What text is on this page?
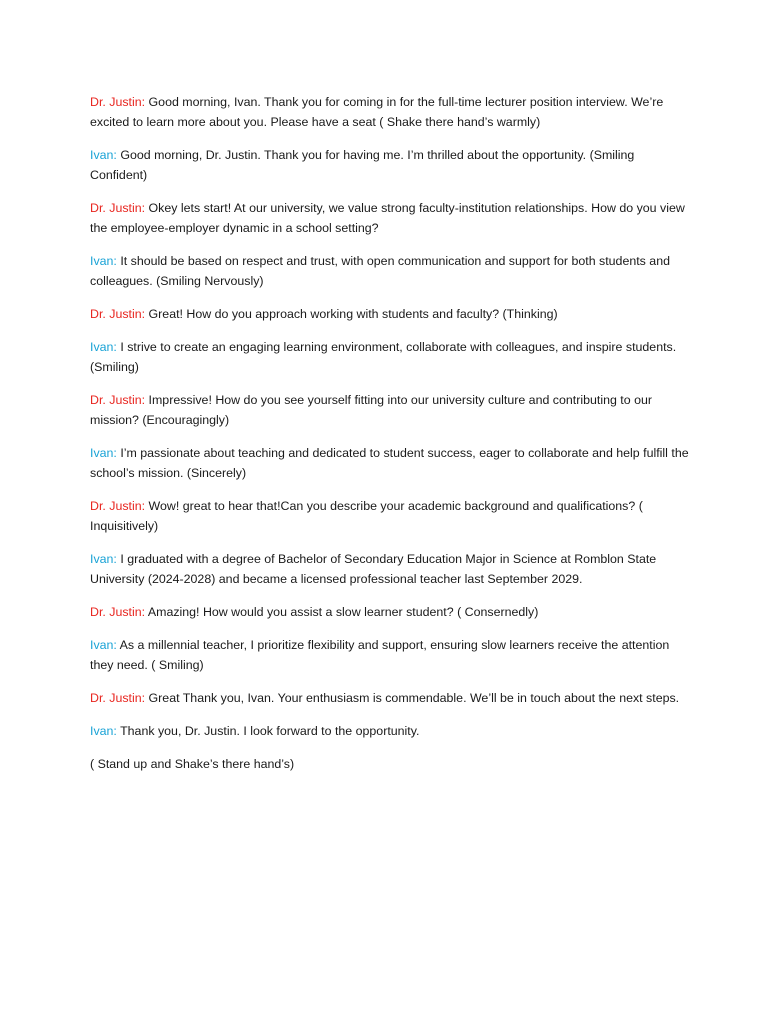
Dr. Justin: Good morning, Ivan. Thank you for coming in for the full-time lecturer position interview. We’re excited to learn more about you. Please have a seat ( Shake there hand’s warmly)

Ivan: Good morning, Dr. Justin. Thank you for having me. I’m thrilled about the opportunity. (Smiling Confident)

Dr. Justin: Okey lets start! At our university, we value strong faculty-institution relationships. How do you view the employee-employer dynamic in a school setting?

Ivan: It should be based on respect and trust, with open communication and support for both students and colleagues. (Smiling Nervously)

Dr. Justin: Great! How do you approach working with students and faculty? (Thinking)

Ivan: I strive to create an engaging learning environment, collaborate with colleagues, and inspire students. (Smiling)

Dr. Justin: Impressive! How do you see yourself fitting into our university culture and contributing to our mission? (Encouragingly)

Ivan: I’m passionate about teaching and dedicated to student success, eager to collaborate and help fulfill the school’s mission. (Sincerely)

Dr. Justin: Wow! great to hear that!Can you describe your academic background and qualifications? ( Inquisitively)

Ivan: I graduated with a degree of Bachelor of Secondary Education Major in Science at Romblon State University (2024-2028) and became a licensed professional teacher last September 2029.

Dr. Justin: Amazing! How would you assist a slow learner student? ( Consernedly)

Ivan: As a millennial teacher, I prioritize flexibility and support, ensuring slow learners receive the attention they need. ( Smiling)

Dr. Justin: Great Thank you, Ivan. Your enthusiasm is commendable. We’ll be in touch about the next steps.

Ivan: Thank you, Dr. Justin. I look forward to the opportunity.

( Stand up and Shake’s there hand’s)
